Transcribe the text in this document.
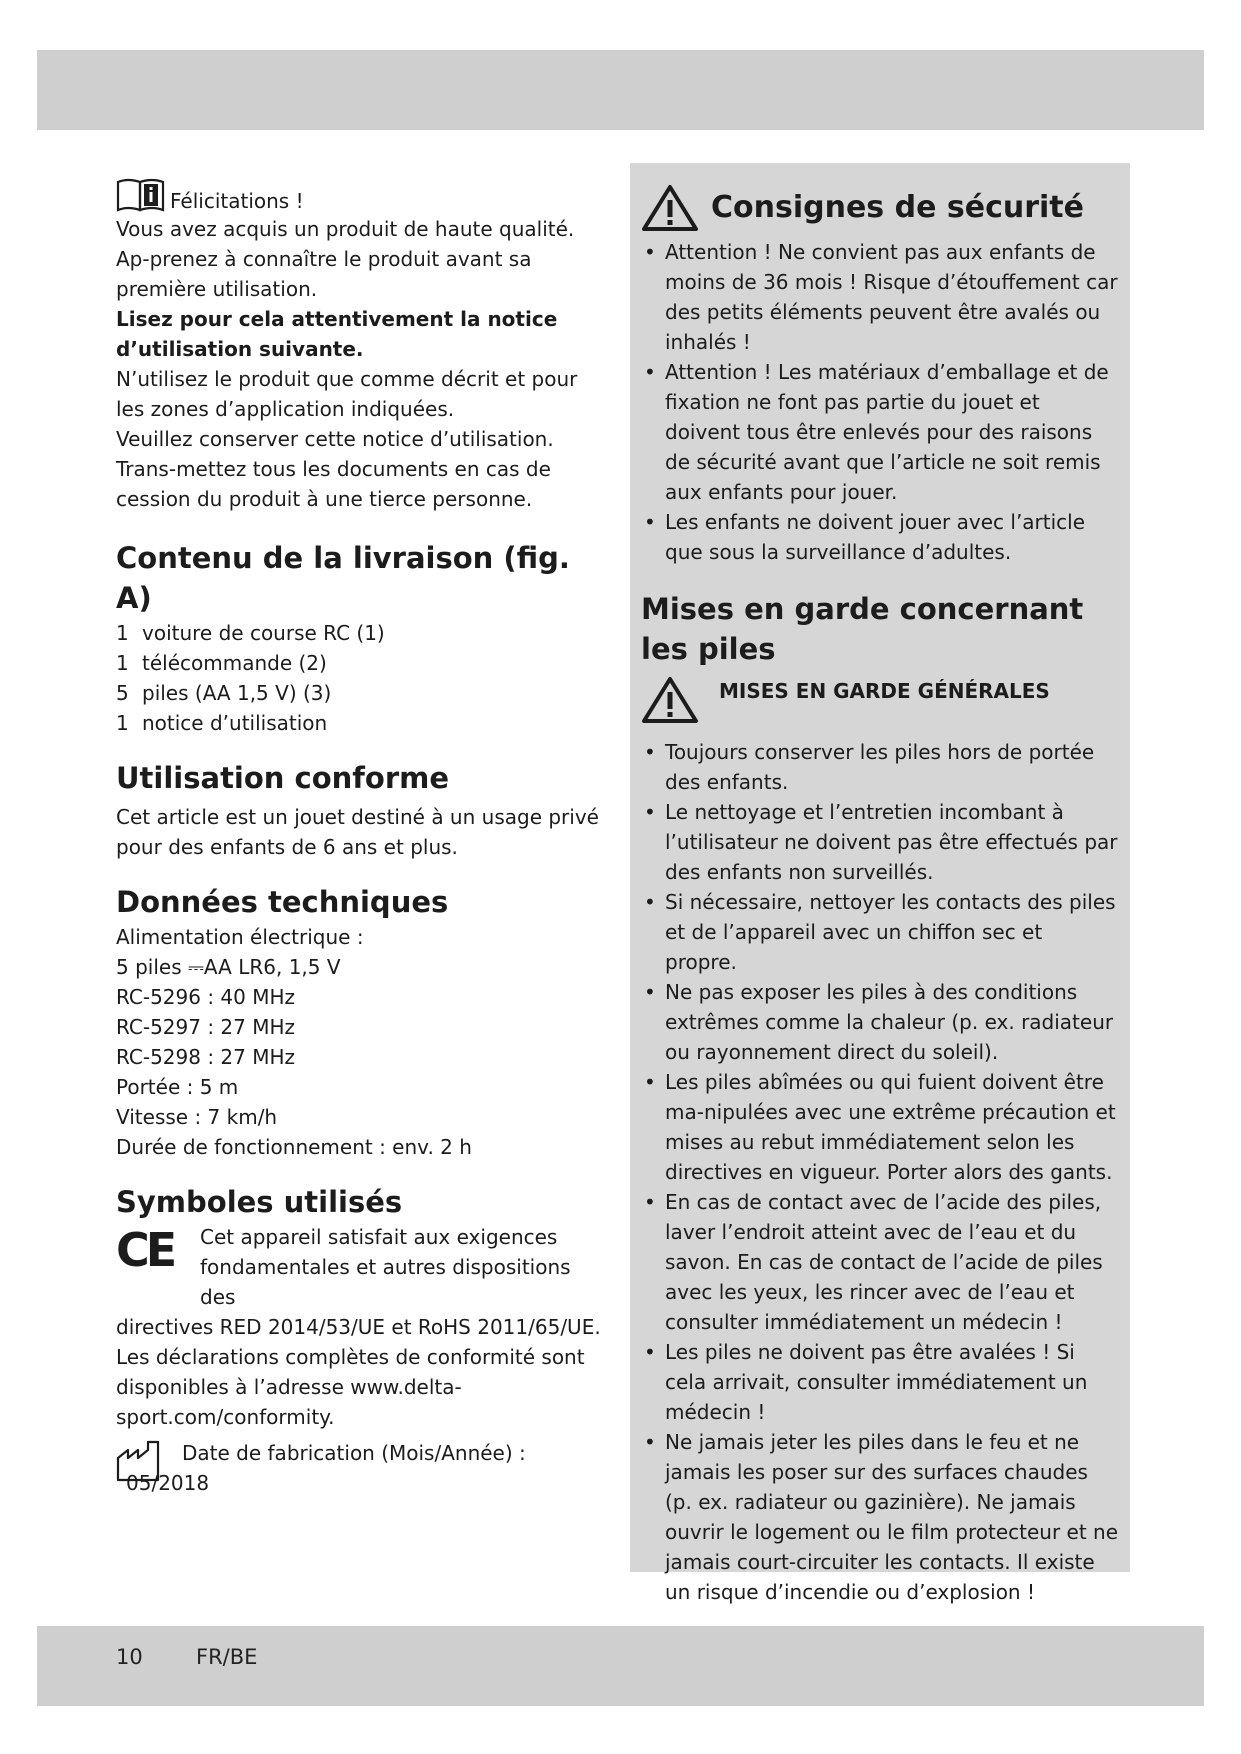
Félicitations !

Vous avez acquis un produit de haute qualité. Ap-prenez à connaître le produit avant sa première utilisation.

Lisez pour cela attentivement la notice d’utilisation suivante.

N’utilisez le produit que comme décrit et pour les zones d’application indiquées.

Veuillez conserver cette notice d’utilisation. Trans-mettez tous les documents en cas de cession du produit à une tierce personne.

Contenu de la livraison (fig. A)
1 voiture de course RC (1)
1 télécommande (2)
5 piles (AA 1,5 V) (3)
1 notice d’utilisation
Utilisation conforme

Cet article est un jouet destiné à un usage privé pour des enfants de 6 ans et plus.

Données techniques

Alimentation électrique :

5 piles ⎓AA LR6, 1,5 V

RC-5296 : 40 MHz

RC-5297 : 27 MHz

RC-5298 : 27 MHz

Portée : 5 m

Vitesse : 7 km/h

Durée de fonctionnement : env. 2 h

Symboles utilisés
CE	Cet appareil satisfait aux exigences fondamentales et autres dispositions des

directives RED 2014/53/UE et RoHS 2011/65/UE. Les déclarations complètes de conformité sont disponibles à l’adresse www.delta-sport.com/conformity.

Date de fabrication (Mois/Année) :

05/2018

Consignes de sécurité
• Attention ! Ne convient pas aux enfants de moins de 36 mois ! Risque d’étouffement car des petits éléments peuvent être avalés ou inhalés !
• Attention ! Les matériaux d’emballage et de fixation ne font pas partie du jouet et doivent tous être enlevés pour des raisons de sécurité avant que l’article ne soit remis aux enfants pour jouer.
• Les enfants ne doivent jouer avec l’article que sous la surveillance d’adultes.
Mises en garde concernant les piles
MISES EN GARDE GÉNÉRALES
• Toujours conserver les piles hors de portée des enfants.
• Le nettoyage et l’entretien incombant à l’utilisateur ne doivent pas être effectués par des enfants non surveillés.
• Si nécessaire, nettoyer les contacts des piles et de l’appareil avec un chiffon sec et propre.
• Ne pas exposer les piles à des conditions extrêmes comme la chaleur (p. ex. radiateur ou rayonnement direct du soleil).
• Les piles abîmées ou qui fuient doivent être ma-nipulées avec une extrême précaution et mises au rebut immédiatement selon les directives en vigueur. Porter alors des gants.
• En cas de contact avec de l’acide des piles, laver l’endroit atteint avec de l’eau et du savon. En cas de contact de l’acide de piles avec les yeux, les rincer avec de l’eau et consulter immédiatement un médecin !
• Les piles ne doivent pas être avalées ! Si cela arrivait, consulter immédiatement un médecin !
• Ne jamais jeter les piles dans le feu et ne jamais les poser sur des surfaces chaudes (p. ex. radiateur ou gazinière). Ne jamais ouvrir le logement ou le film protecteur et ne jamais court-circuiter les contacts. Il existe un risque d’incendie ou d’explosion !
10	FR/BE
